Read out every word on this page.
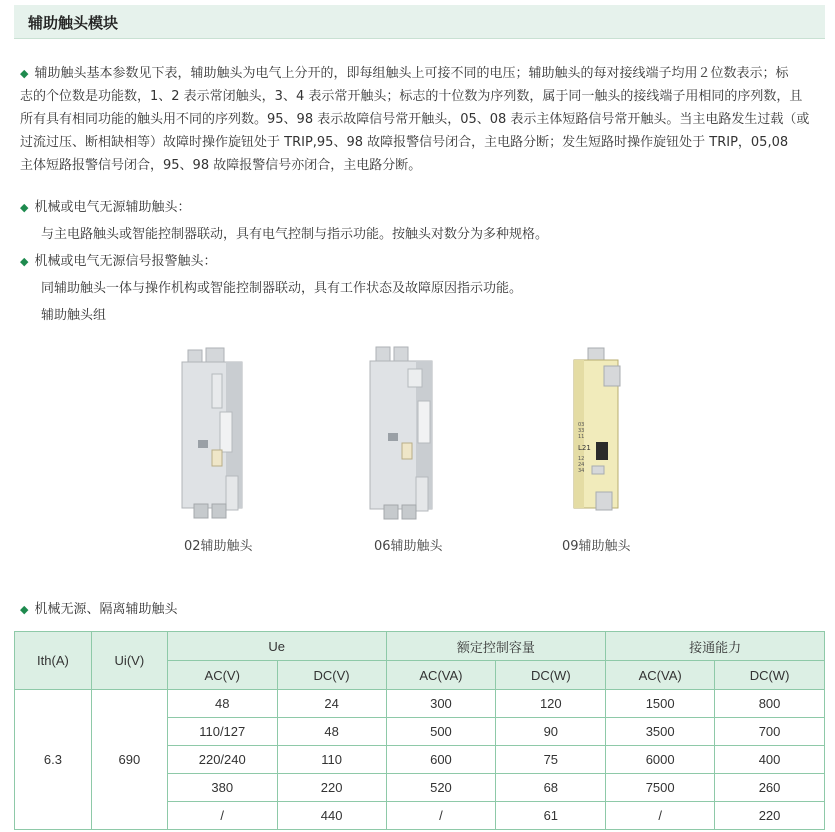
辅助触头模块
◆ 辅助触头基本参数见下表，辅助触头为电气上分开的，即每组触头上可接不同的电压；辅助触头的每对接线端子均用２位数表示；标
志的个位数是功能数，1、2 表示常闭触头，3、4 表示常开触头；标志的十位数为序列数，属于同一触头的接线端子用相同的序列数，且
所有具有相同功能的触头用不同的序列数。95、98 表示故障信号常开触头，05、08 表示主体短路信号常开触头。当主电路发生过载（或
过流过压、断相缺相等）故障时操作旋钮处于 TRIP,95、98 故障报警信号闭合，主电路分断；发生短路时操作旋钮处于 TRIP，05,08
主体短路报警信号闭合，95、98 故障报警信号亦闭合，主电路分断。
◆ 机械或电气无源辅助触头：
与主电路触头或智能控制器联动，具有电气控制与指示功能。按触头对数分为多种规格。
◆ 机械或电气无源信号报警触头：
同辅助触头一体与操作机构或智能控制器联动，具有工作状态及故障原因指示功能。
辅助触头组
02辅助触头	06辅助触头
03
33
11
L21
12
24
34
09辅助触头
◆ 机械无源、隔离辅助触头
Ith(A)	Ui(V)	Ue		额定控制容量		接通能力	
		AC(V)	DC(V)	AC(VA)	DC(W)	AC(VA)	DC(W)
6.3	690	48	24	300	120	1500	800
		110/127	48	500	90	3500	700
		220/240	110	600	75	6000	400
		380	220	520	68	7500	260
		/	440	/	61	/	220
